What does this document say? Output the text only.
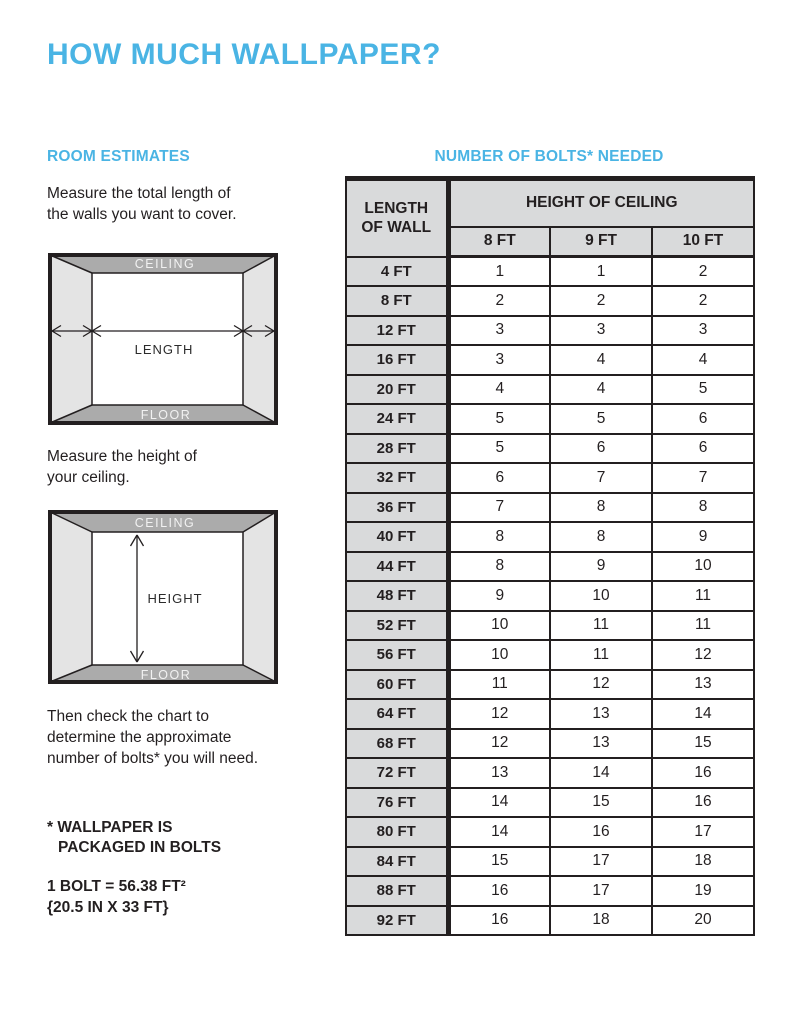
HOW MUCH WALLPAPER?
ROOM ESTIMATES	NUMBER OF BOLTS* NEEDED
Measure the total length of
the walls you want to cover.
CEILING
FLOOR
LENGTH
Measure the height of
your ceiling.
CEILING
FLOOR
HEIGHT
Then check the chart to
determine the approximate
number of bolts* you will need.
* WALLPAPER IS
PACKAGED IN BOLTS
1 BOLT = 56.38 FT²
{20.5 IN X 33 FT}
LENGTH
OF WALL	HEIGHT OF CEILING		
	8 FT	9 FT	10 FT
4 FT	1	1	2
8 FT	2	2	2
12 FT	3	3	3
16 FT	3	4	4
20 FT	4	4	5
24 FT	5	5	6
28 FT	5	6	6
32 FT	6	7	7
36 FT	7	8	8
40 FT	8	8	9
44 FT	8	9	10
48 FT	9	10	11
52 FT	10	11	11
56 FT	10	11	12
60 FT	11	12	13
64 FT	12	13	14
68 FT	12	13	15
72 FT	13	14	16
76 FT	14	15	16
80 FT	14	16	17
84 FT	15	17	18
88 FT	16	17	19
92 FT	16	18	20
